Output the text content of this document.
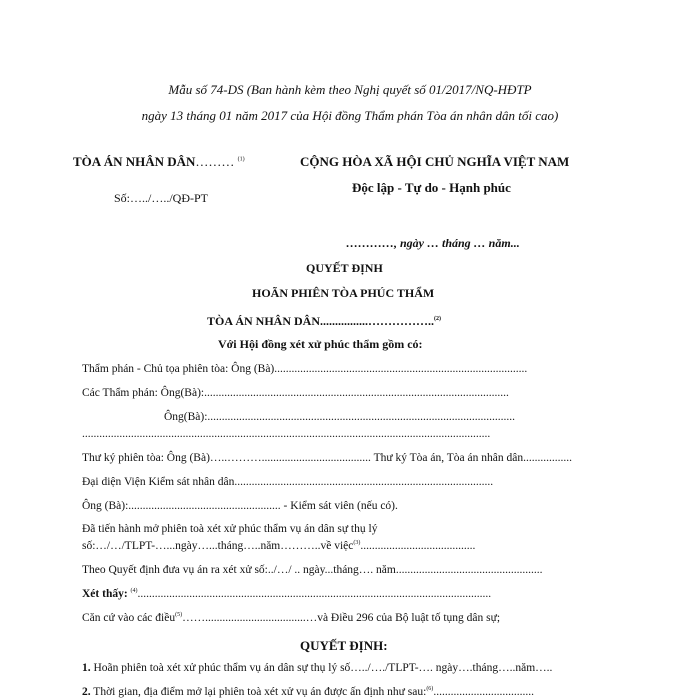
Mẫu số 74-DS (Ban hành kèm theo Nghị quyết số 01/2017/NQ-HĐTP
ngày 13 tháng 01 năm 2017 của Hội đồng Thẩm phán Tòa án nhân dân tối cao)
TÒA ÁN NHÂN DÂN……… $^{(1)}$
Số:…../…../QĐ-PT
CỘNG HÒA XÃ HỘI CHỦ NGHĨA VIỆT NAM
Độc lập - Tự do - Hạnh phúc
…………, ngày … tháng … năm...
QUYẾT ĐỊNH
HOÃN PHIÊN TÒA PHÚC THẨM
TÒA ÁN NHÂN DÂN................……………..$^{(2)}$
Với Hội đồng xét xử phúc thẩm gồm có:
Thẩm phán - Chủ tọa phiên tòa: Ông (Bà)........................................................................................
Các Thẩm phán: Ông(Bà):..........................................................................................................
Ông(Bà):...........................................................................................................
..............................................................................................................................................
Thư ký phiên tòa: Ông (Bà)…..………...................................... Thư ký Tòa án, Tòa án nhân dân.................
Đại diện Viện Kiểm sát nhân dân..........................................................................................
Ông (Bà):..................................................... - Kiểm sát viên (nếu có).
Đã tiến hành mở phiên toà xét xử phúc thẩm vụ án dân sự thụ lý
số:…/…/TLPT-…...ngày…...tháng…..năm………..về việc$^{(3)}$........................................
Theo Quyết định đưa vụ án ra xét xử số:../…/ .. ngày...tháng…. năm...................................................
Xét thấy: $^{(4)}$...........................................................................................................................
Căn cứ vào các điều$^{(5)}$……...................................…và Điều 296 của Bộ luật tố tụng dân sự;
QUYẾT ĐỊNH:
1. Hoãn phiên toà xét xử phúc thẩm vụ án dân sự thụ lý số…../…./TLPT-…. ngày….tháng…..năm…..
2. Thời gian, địa điểm mở lại phiên toà xét xử vụ án được ấn định như sau:$^{(6)}$...................................
